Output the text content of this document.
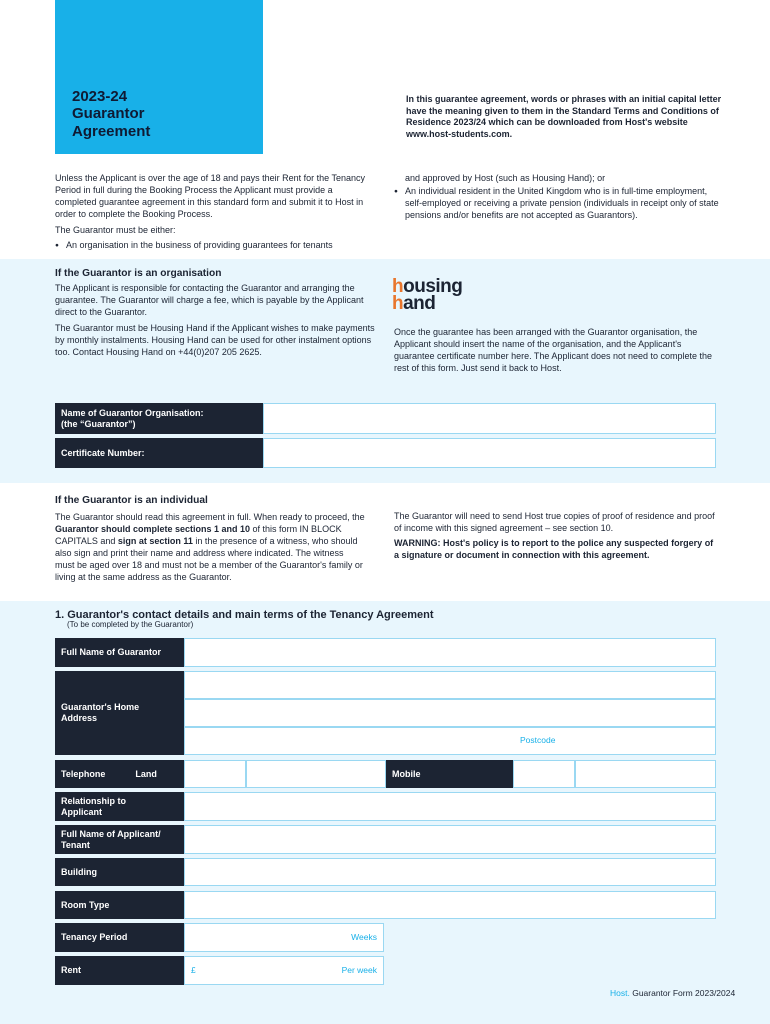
2023-24
Guarantor
Agreement
In this guarantee agreement, words or phrases with an initial capital letter have the meaning given to them in the Standard Terms and Conditions of Residence 2023/24 which can be downloaded from Host's website www.host-students.com.

Unless the Applicant is over the age of 18 and pays their Rent for the Tenancy Period in full during the Booking Process the Applicant must provide a completed guarantee agreement in this standard form and submit it to Host in order to complete the Booking Process.

The Guarantor must be either:

● An organisation in the business of providing guarantees for tenants

and approved by Host (such as Housing Hand); or

● An individual resident in the United Kingdom who is in full-time employment, self-employed or receiving a private pension (individuals in receipt only of state pensions and/or benefits are not accepted as Guarantors).

If the Guarantor is an organisation

The Applicant is responsible for contacting the Guarantor and arranging the guarantee. The Guarantor will charge a fee, which is payable by the Applicant direct to the Guarantor.

The Guarantor must be Housing Hand if the Applicant wishes to make payments by monthly instalments. Housing Hand can be used for other instalment options too. Contact Housing Hand on +44(0)207 205 2625.

housing
hand
Once the guarantee has been arranged with the Guarantor organisation, the Applicant should insert the name of the organisation, and the Applicant's guarantee certificate number here. The Applicant does not need to complete the rest of this form. Just send it back to Host.
Name of Guarantor Organisation:
(the “Guarantor”)
Certificate Number:
If the Guarantor is an individual

The Guarantor should read this agreement in full. When ready to proceed, the Guarantor should complete sections 1 and 10 of this form IN BLOCK CAPITALS and sign at section 11 in the presence of a witness, who should also sign and print their name and address where indicated. The witness must be aged over 18 and must not be a member of the Guarantor's family or living at the same address as the Guarantor.

The Guarantor will need to send Host true copies of proof of residence and proof of income with this signed agreement – see section 10.

WARNING: Host's policy is to report to the police any suspected forgery of a signature or document in connection with this agreement.

1. Guarantor's contact details and main terms of the Tenancy Agreement
(To be completed by the Guarantor)
Full Name of Guarantor
Guarantor's Home
Address
Postcode
Telephone	Land	Mobile
Relationship to
Applicant
Full Name of Applicant/
Tenant
Building
Room Type
Tenancy Period	Weeks
Rent	£	Per week
Host. Guarantor Form 2023/2024
